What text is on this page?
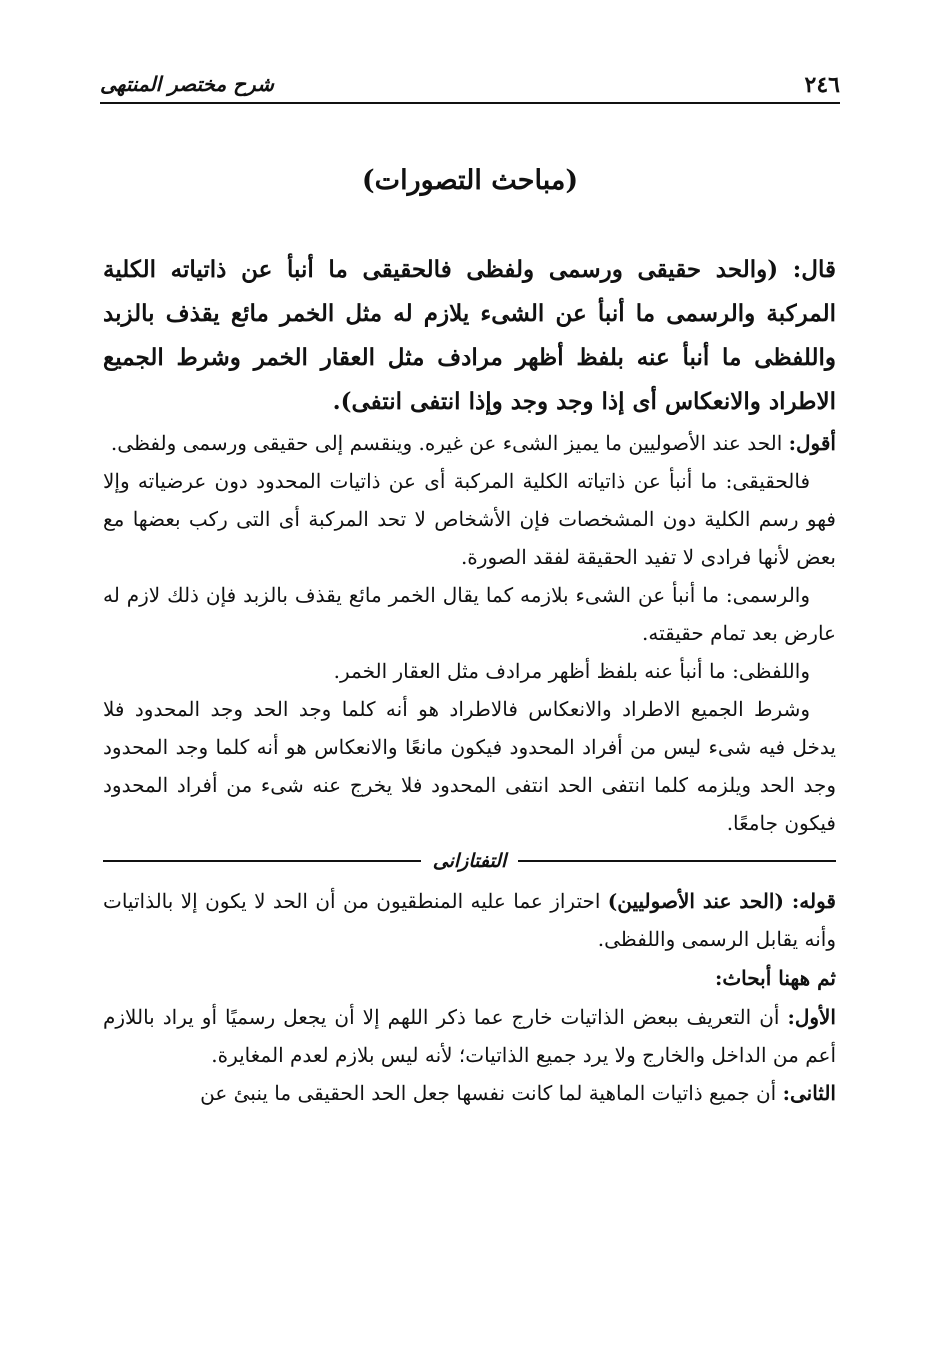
٢٤٦
شرح مختصر المنتهى
(مباحث التصورات)

قال: (والحد حقيقى ورسمى ولفظى فالحقيقى ما أنبأ عن ذاتياته الكلية المركبة والرسمى ما أنبأ عن الشىء يلازم له مثل الخمر مائع يقذف بالزبد واللفظى ما أنبأ عنه بلفظ أظهر مرادف مثل العقار الخمر وشرط الجميع الاطراد والانعكاس أى إذا وجد وجد وإذا انتفى انتفى).

أقول: الحد عند الأصوليين ما يميز الشىء عن غيره. وينقسم إلى حقيقى ورسمى ولفظى.

فالحقيقى: ما أنبأ عن ذاتياته الكلية المركبة أى عن ذاتيات المحدود دون عرضياته وإلا فهو رسم الكلية دون المشخصات فإن الأشخاص لا تحد المركبة أى التى ركب بعضها مع بعض لأنها فرادى لا تفيد الحقيقة لفقد الصورة.

والرسمى: ما أنبأ عن الشىء بلازمه كما يقال الخمر مائع يقذف بالزبد فإن ذلك لازم له عارض بعد تمام حقيقته.

واللفظى: ما أنبأ عنه بلفظ أظهر مرادف مثل العقار الخمر.

وشرط الجميع الاطراد والانعكاس فالاطراد هو أنه كلما وجد الحد وجد المحدود فلا يدخل فيه شىء ليس من أفراد المحدود فيكون مانعًا والانعكاس هو أنه كلما وجد المحدود وجد الحد ويلزمه كلما انتفى الحد انتفى المحدود فلا يخرج عنه شىء من أفراد المحدود فيكون جامعًا.

التفتازانى

قوله: (الحد عند الأصوليين) احتراز عما عليه المنطقيون من أن الحد لا يكون إلا بالذاتيات وأنه يقابل الرسمى واللفظى.

ثم ههنا أبحاث:

الأول: أن التعريف ببعض الذاتيات خارج عما ذكر اللهم إلا أن يجعل رسميًا أو يراد باللازم أعم من الداخل والخارج ولا يرد جميع الذاتيات؛ لأنه ليس بلازم لعدم المغايرة.

الثانى: أن جميع ذاتيات الماهية لما كانت نفسها جعل الحد الحقيقى ما ينبئ عن
